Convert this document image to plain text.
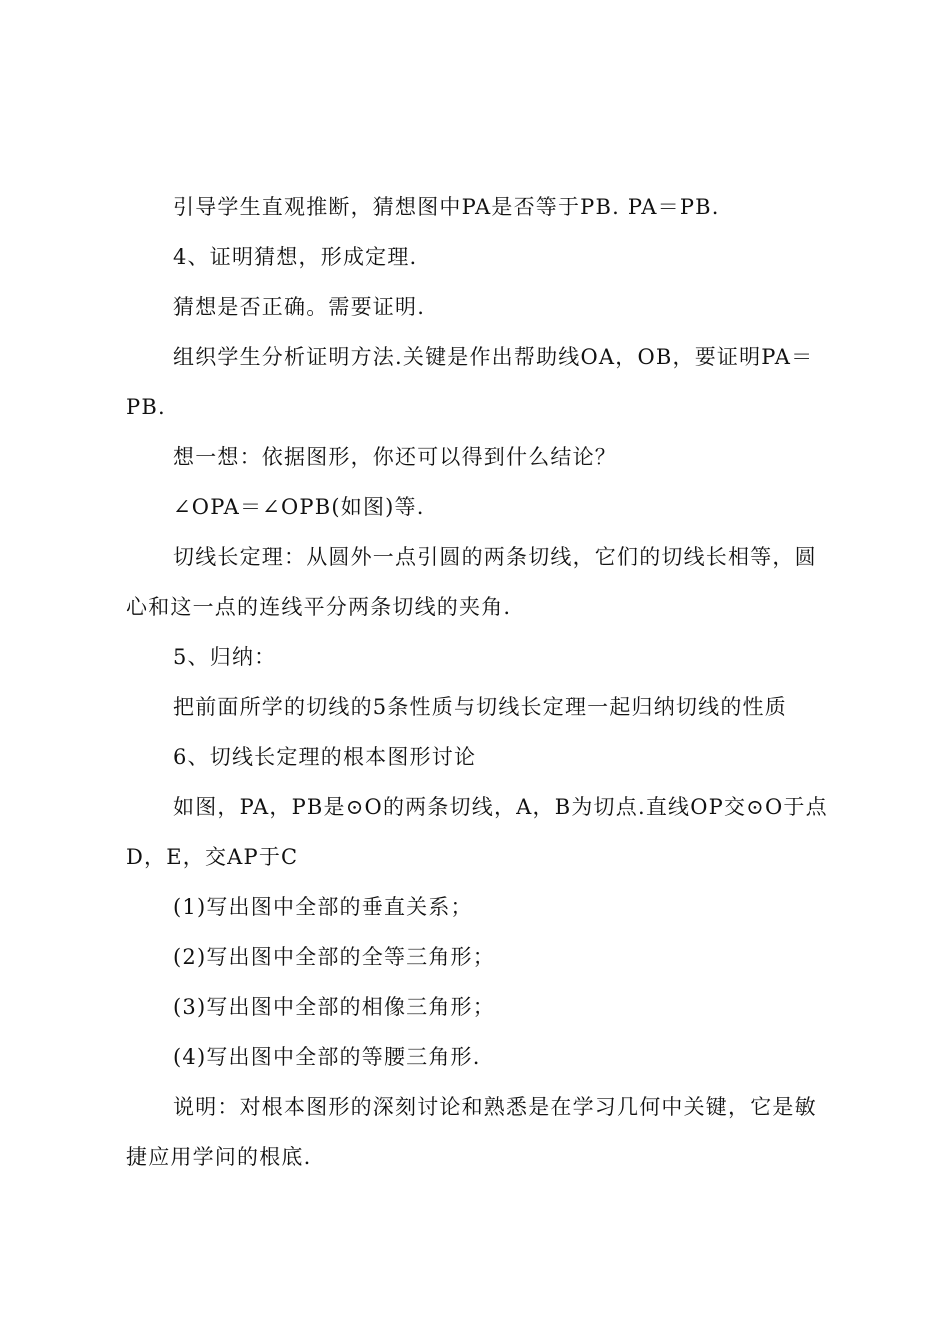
引导学生直观推断，猜想图中PA是否等于PB. PA＝PB.
4、证明猜想，形成定理.
猜想是否正确。需要证明.
组织学生分析证明方法.关键是作出帮助线OA，OB，要证明PA＝
PB.
想一想：依据图形，你还可以得到什么结论？
∠OPA＝∠OPB(如图)等.
切线长定理：从圆外一点引圆的两条切线，它们的切线长相等，圆
心和这一点的连线平分两条切线的夹角.
5、归纳：
把前面所学的切线的5条性质与切线长定理一起归纳切线的性质
6、切线长定理的根本图形讨论
如图，PA，PB是⊙O的两条切线，A，B为切点.直线OP交⊙O于点
D，E，交AP于C
(1)写出图中全部的垂直关系；
(2)写出图中全部的全等三角形；
(3)写出图中全部的相像三角形；
(4)写出图中全部的等腰三角形.
说明：对根本图形的深刻讨论和熟悉是在学习几何中关键，它是敏
捷应用学问的根底.
